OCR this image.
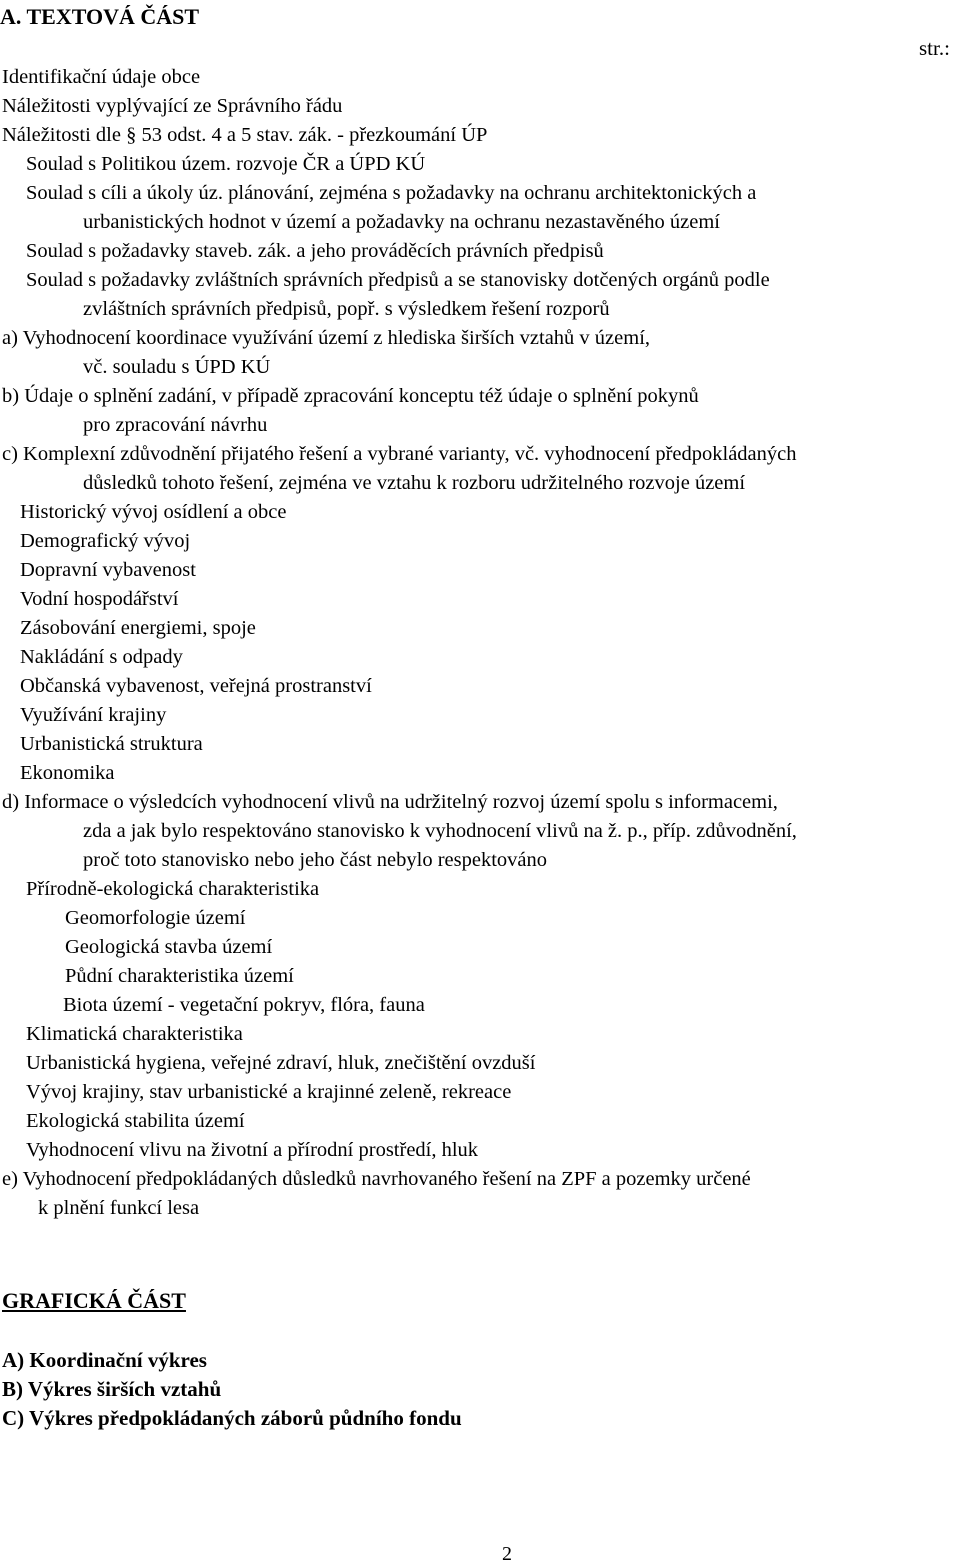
A. TEXTOVÁ ČÁST
str.:
Identifikační údaje obce
Náležitosti vyplývající ze Správního řádu
Náležitosti dle § 53 odst. 4 a 5 stav. zák. - přezkoumání ÚP
Soulad s Politikou územ. rozvoje ČR a ÚPD KÚ
Soulad s cíli a úkoly úz. plánování, zejména s požadavky na ochranu architektonických a
urbanistických hodnot v území a požadavky na ochranu nezastavěného území
Soulad s požadavky staveb. zák. a jeho prováděcích právních předpisů
Soulad s požadavky zvláštních správních předpisů a se stanovisky dotčených orgánů podle
zvláštních správních předpisů, popř. s výsledkem řešení rozporů
a) Vyhodnocení koordinace využívání území z hlediska širších vztahů v území,
vč. souladu s ÚPD KÚ
b) Údaje o splnění zadání, v případě zpracování konceptu též údaje o splnění pokynů
pro zpracování návrhu
c) Komplexní zdůvodnění přijatého řešení a vybrané varianty, vč. vyhodnocení předpokládaných
důsledků tohoto řešení, zejména ve vztahu k rozboru udržitelného rozvoje území
Historický vývoj osídlení a obce
Demografický vývoj
Dopravní vybavenost
Vodní hospodářství
Zásobování energiemi, spoje
Nakládání s odpady
Občanská vybavenost, veřejná prostranství
Využívání krajiny
Urbanistická struktura
Ekonomika
d) Informace o výsledcích vyhodnocení vlivů na udržitelný rozvoj území spolu s informacemi,
zda a jak bylo respektováno stanovisko k vyhodnocení vlivů na ž. p., příp. zdůvodnění,
proč toto stanovisko nebo jeho část nebylo respektováno
Přírodně-ekologická charakteristika
Geomorfologie území
Geologická stavba území
Půdní charakteristika území
Biota území - vegetační pokryv, flóra, fauna
Klimatická charakteristika
Urbanistická hygiena, veřejné zdraví, hluk, znečištění ovzduší
Vývoj krajiny, stav urbanistické a krajinné zeleně, rekreace
Ekologická stabilita území
Vyhodnocení vlivu na životní a přírodní prostředí, hluk
e) Vyhodnocení předpokládaných důsledků navrhovaného řešení na ZPF a pozemky určené
k plnění funkcí lesa
GRAFICKÁ ČÁST
A) Koordinační výkres
B) Výkres širších vztahů
C) Výkres předpokládaných záborů půdního fondu
2
